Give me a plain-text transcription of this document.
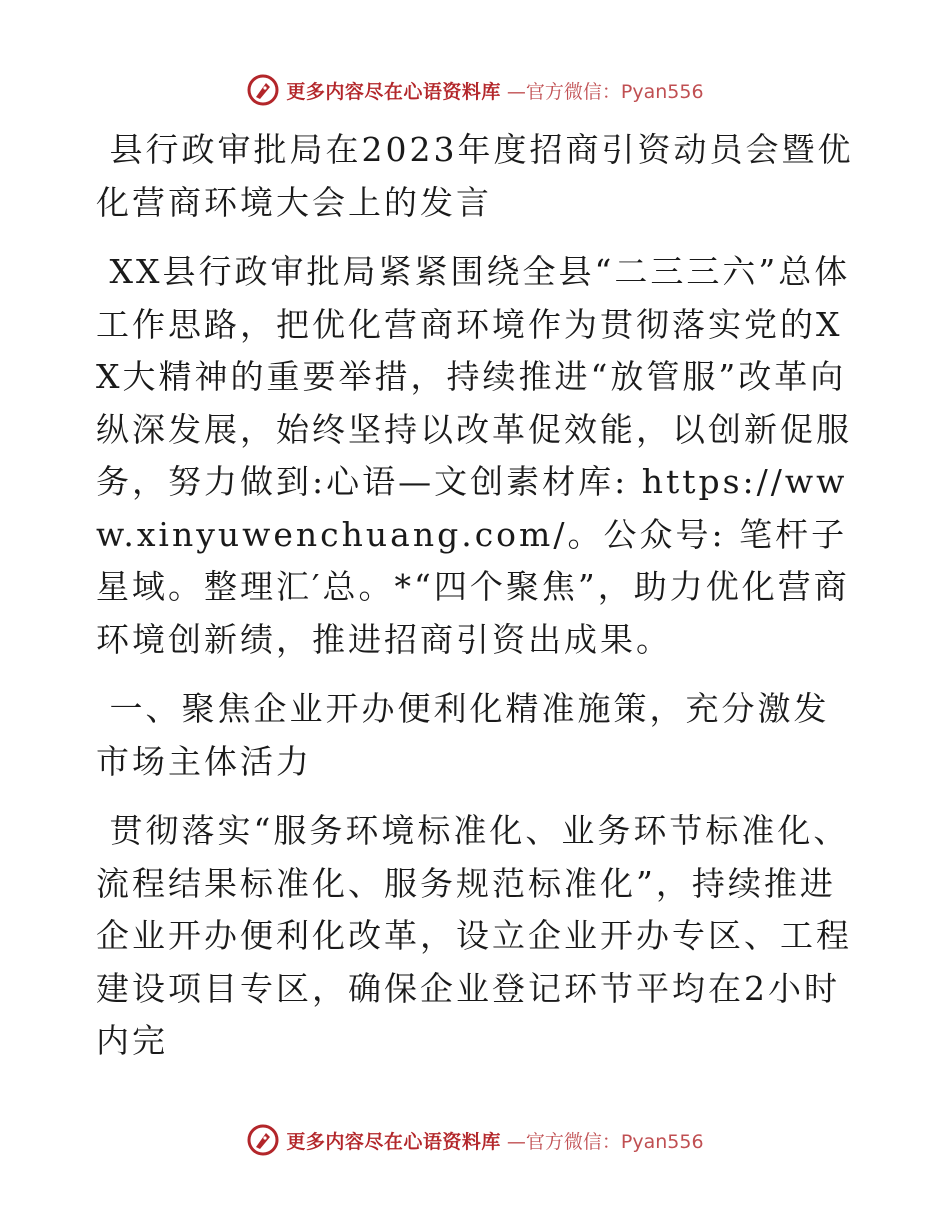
更多内容尽在心语资料库 —官方微信：Pyan556

县行政审批局在2023年度招商引资动员会暨优化营商环境大会上的发言

XX县行政审批局紧紧围绕全县“二三三六”总体工作思路，把优化营商环境作为贯彻落实党的XX大精神的重要举措，持续推进“放管服”改革向纵深发展，始终坚持以改革促效能，以创新促服务，努力做到:心语—文创素材库: https://www.xinyuwenchuang.com/。公众号: 笔杆子星域。整理汇′总。*“四个聚焦”，助力优化营商环境创新绩，推进招商引资出成果。

一、聚焦企业开办便利化精准施策，充分激发市场主体活力

贯彻落实“服务环境标准化、业务环节标准化、流程结果标准化、服务规范标准化”，持续推进企业开办便利化改革，设立企业开办专区、工程建设项目专区，确保企业登记环节平均在2小时内完

更多内容尽在心语资料库 —官方微信：Pyan556
